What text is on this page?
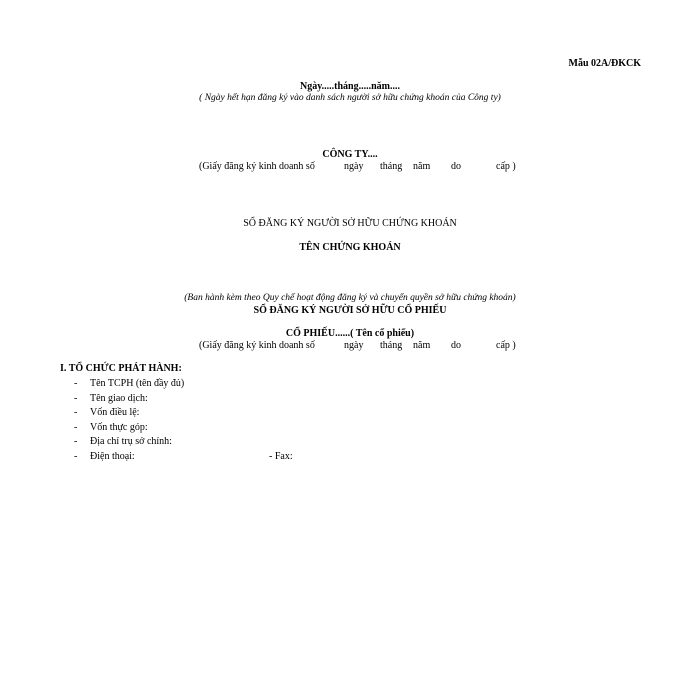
Mẫu 02A/ĐKCK
Ngày.....tháng.....năm....
( Ngày hết hạn đăng ký vào danh sách người sở hữu chứng khoán của Công ty)
CÔNG TY....
(Giấy đăng ký kinh doanh số	ngày tháng năm do	cấp )
SỔ ĐĂNG KÝ NGƯỜI SỞ HỮU CHỨNG KHOÁN
TÊN CHỨNG KHOÁN
(Ban hành kèm theo Quy chế hoạt động đăng ký và chuyển quyền sở hữu chứng khoán)
SỔ ĐĂNG KÝ NGƯỜI SỞ HỮU CỔ PHIẾU
CỔ PHIẾU......( Tên cổ phiếu)
(Giấy đăng ký kinh doanh số	ngày tháng năm do	cấp )
I. TỔ CHỨC PHÁT HÀNH:
- Tên TCPH (tên đầy đủ)
- Tên giao dịch:
- Vốn điều lệ:
- Vốn thực góp:
- Địa chỉ trụ sở chính:
- Điện thoại:	- Fax:
